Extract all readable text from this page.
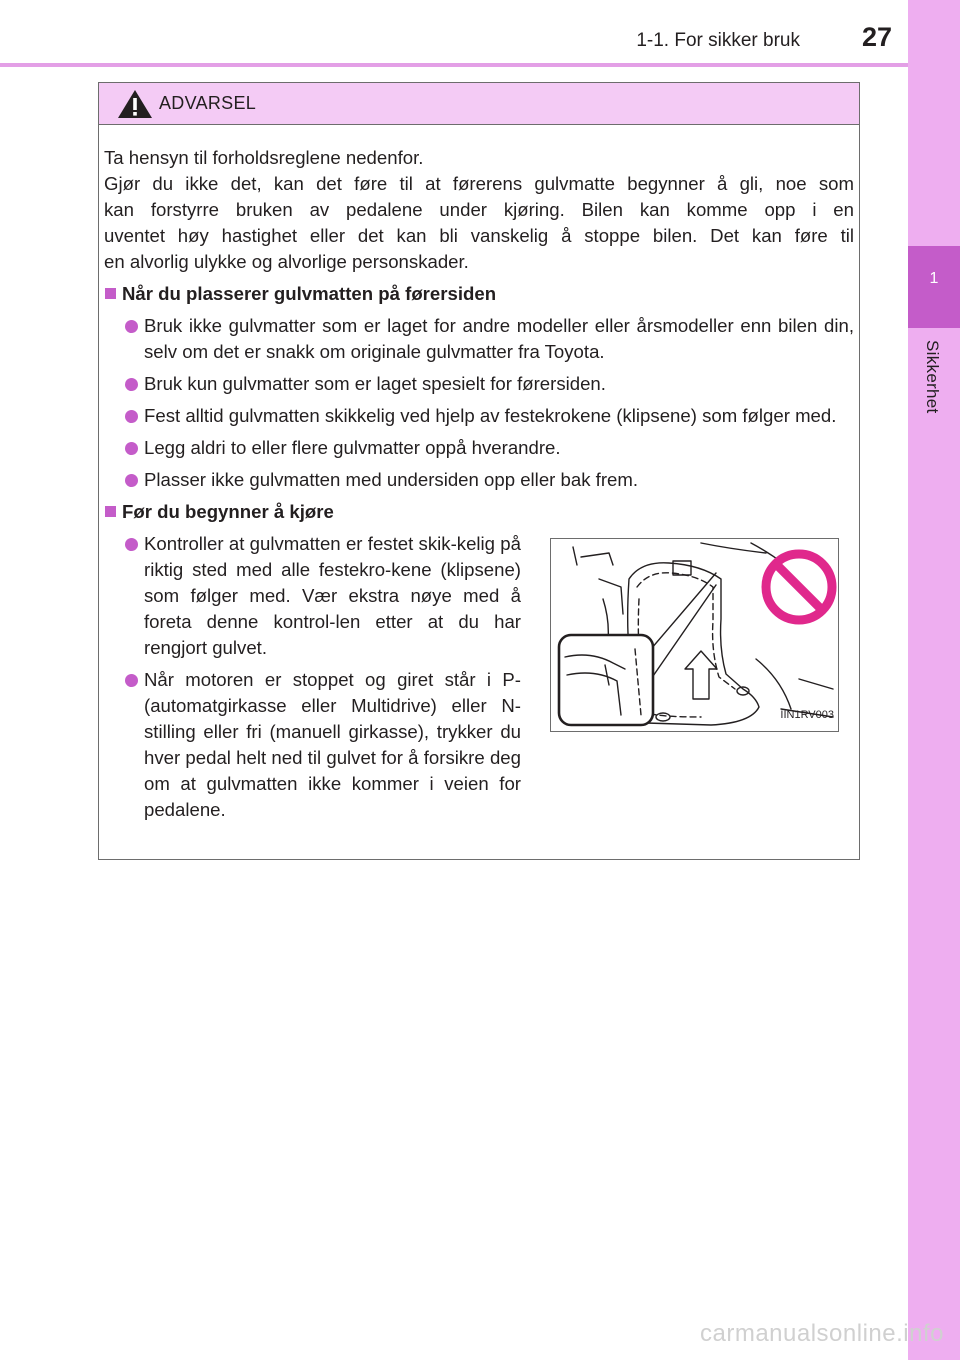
1-1. For sikker bruk	27
1
Sikkerhet
ADVARSEL

Ta hensyn til forholdsreglene nedenfor.
Gjør du ikke det, kan det føre til at førerens gulvmatte begynner å gli, noe som
kan forstyrre bruken av pedalene under kjøring. Bilen kan komme opp i en
uventet høy hastighet eller det kan bli vanskelig å stoppe bilen. Det kan føre til
en alvorlig ulykke og alvorlige personskader.

Når du plasserer gulvmatten på førersiden
Bruk ikke gulvmatter som er laget for andre modeller eller årsmodeller enn bilen din, selv om det er snakk om originale gulvmatter fra Toyota.
Bruk kun gulvmatter som er laget spesielt for førersiden.
Fest alltid gulvmatten skikkelig ved hjelp av festekrokene (klipsene) som følger med.
Legg aldri to eller flere gulvmatter oppå hverandre.
Plasser ikke gulvmatten med undersiden opp eller bak frem.
Før du begynner å kjøre
Kontroller at gulvmatten er festet skik-kelig på riktig sted med alle festekro-kene (klipsene) som følger med. Vær ekstra nøye med å foreta denne kontrol-len etter at du har rengjort gulvet.
Når motoren er stoppet og giret står i P- (automatgirkasse eller Multidrive) eller N-stilling eller fri (manuell girkasse), trykker du hver pedal helt ned til gulvet for å forsikre deg om at gulvmatten ikke kommer i veien for pedalene.
IIN1RV003
carmanualsonline.info
